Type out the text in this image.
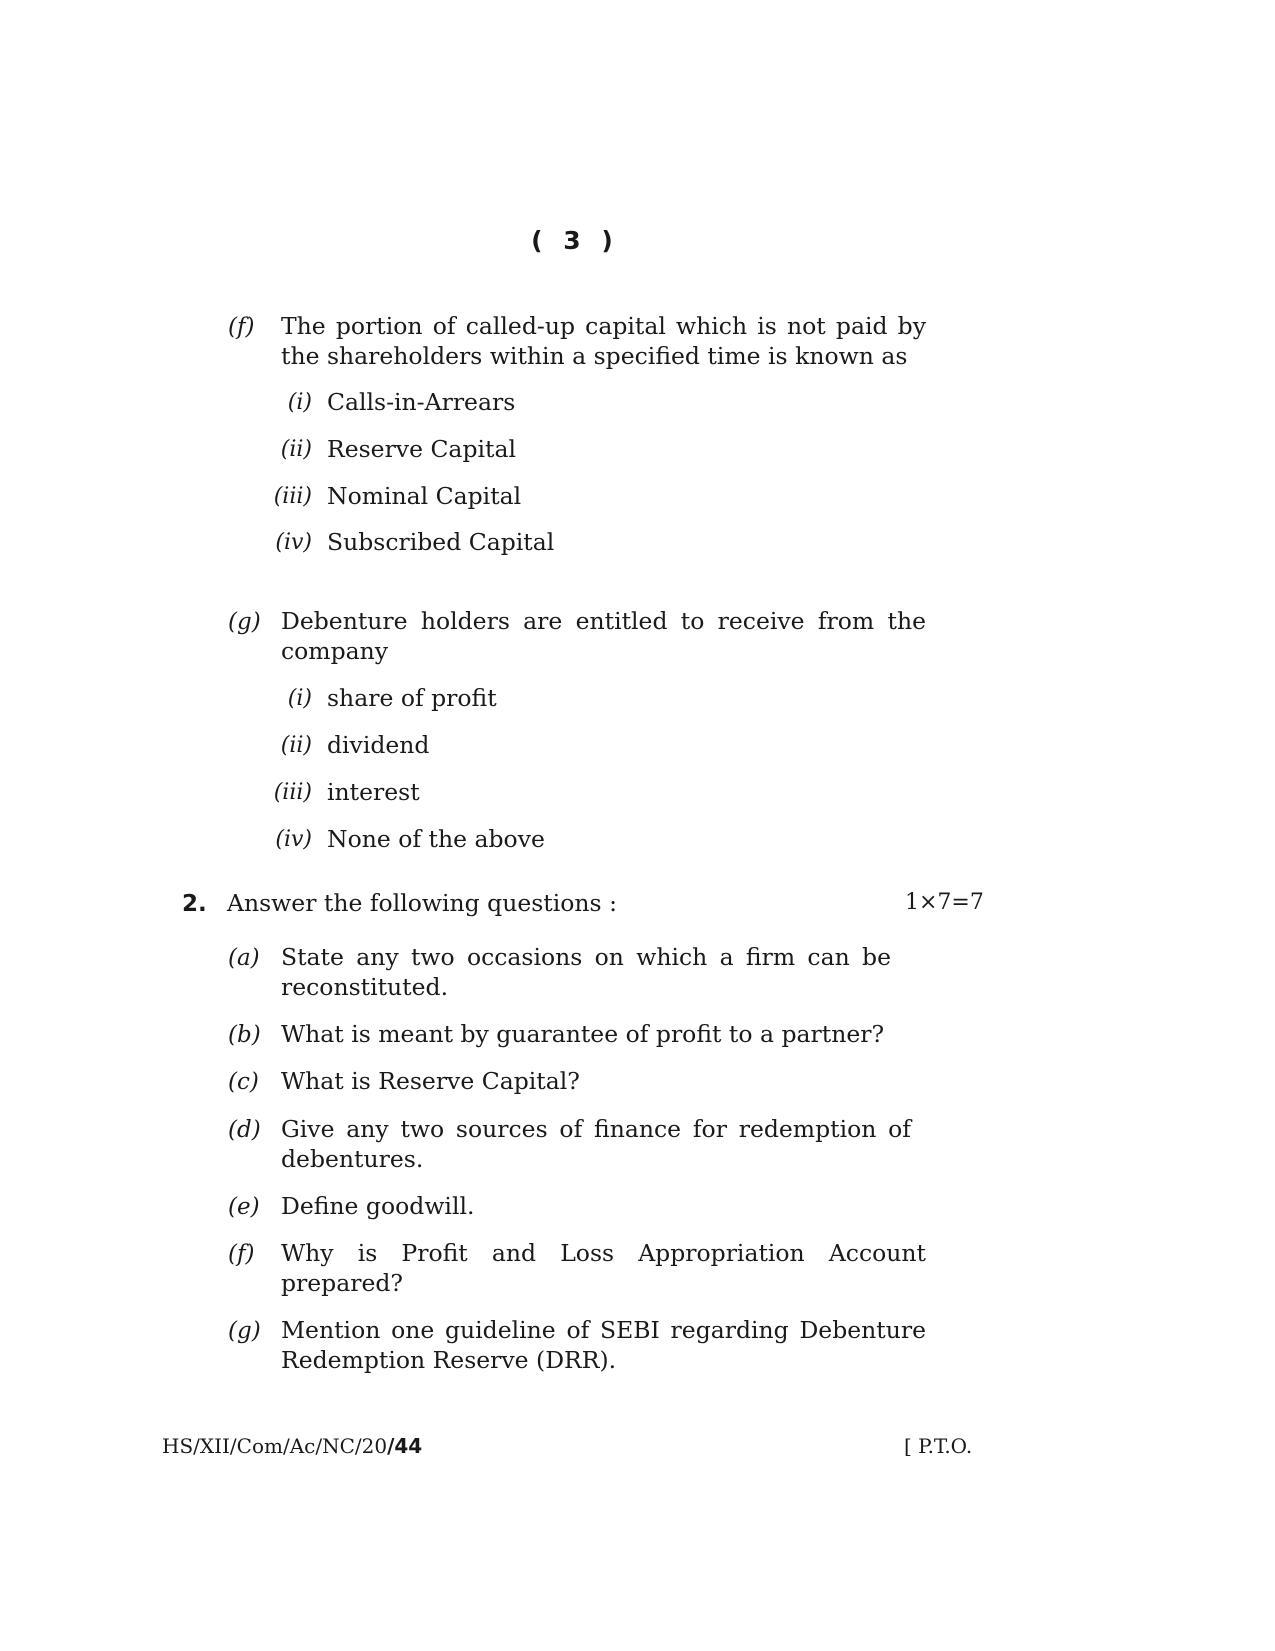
( 3 )
(f) The portion of called-up capital which is not paid by the shareholders within a specified time is known as
(i) Calls-in-Arrears
(ii) Reserve Capital
(iii) Nominal Capital
(iv) Subscribed Capital
(g) Debenture holders are entitled to receive from the company
(i) share of profit
(ii) dividend
(iii) interest
(iv) None of the above
2. Answer the following questions :	1×7=7
(a) State any two occasions on which a firm can be reconstituted.
(b) What is meant by guarantee of profit to a partner?
(c) What is Reserve Capital?
(d) Give any two sources of finance for redemption of debentures.
(e) Define goodwill.
(f) Why is Profit and Loss Appropriation Account prepared?
(g) Mention one guideline of SEBI regarding Debenture Redemption Reserve (DRR).
HS/XII/Com/Ac/NC/20/44	[ P.T.O.
